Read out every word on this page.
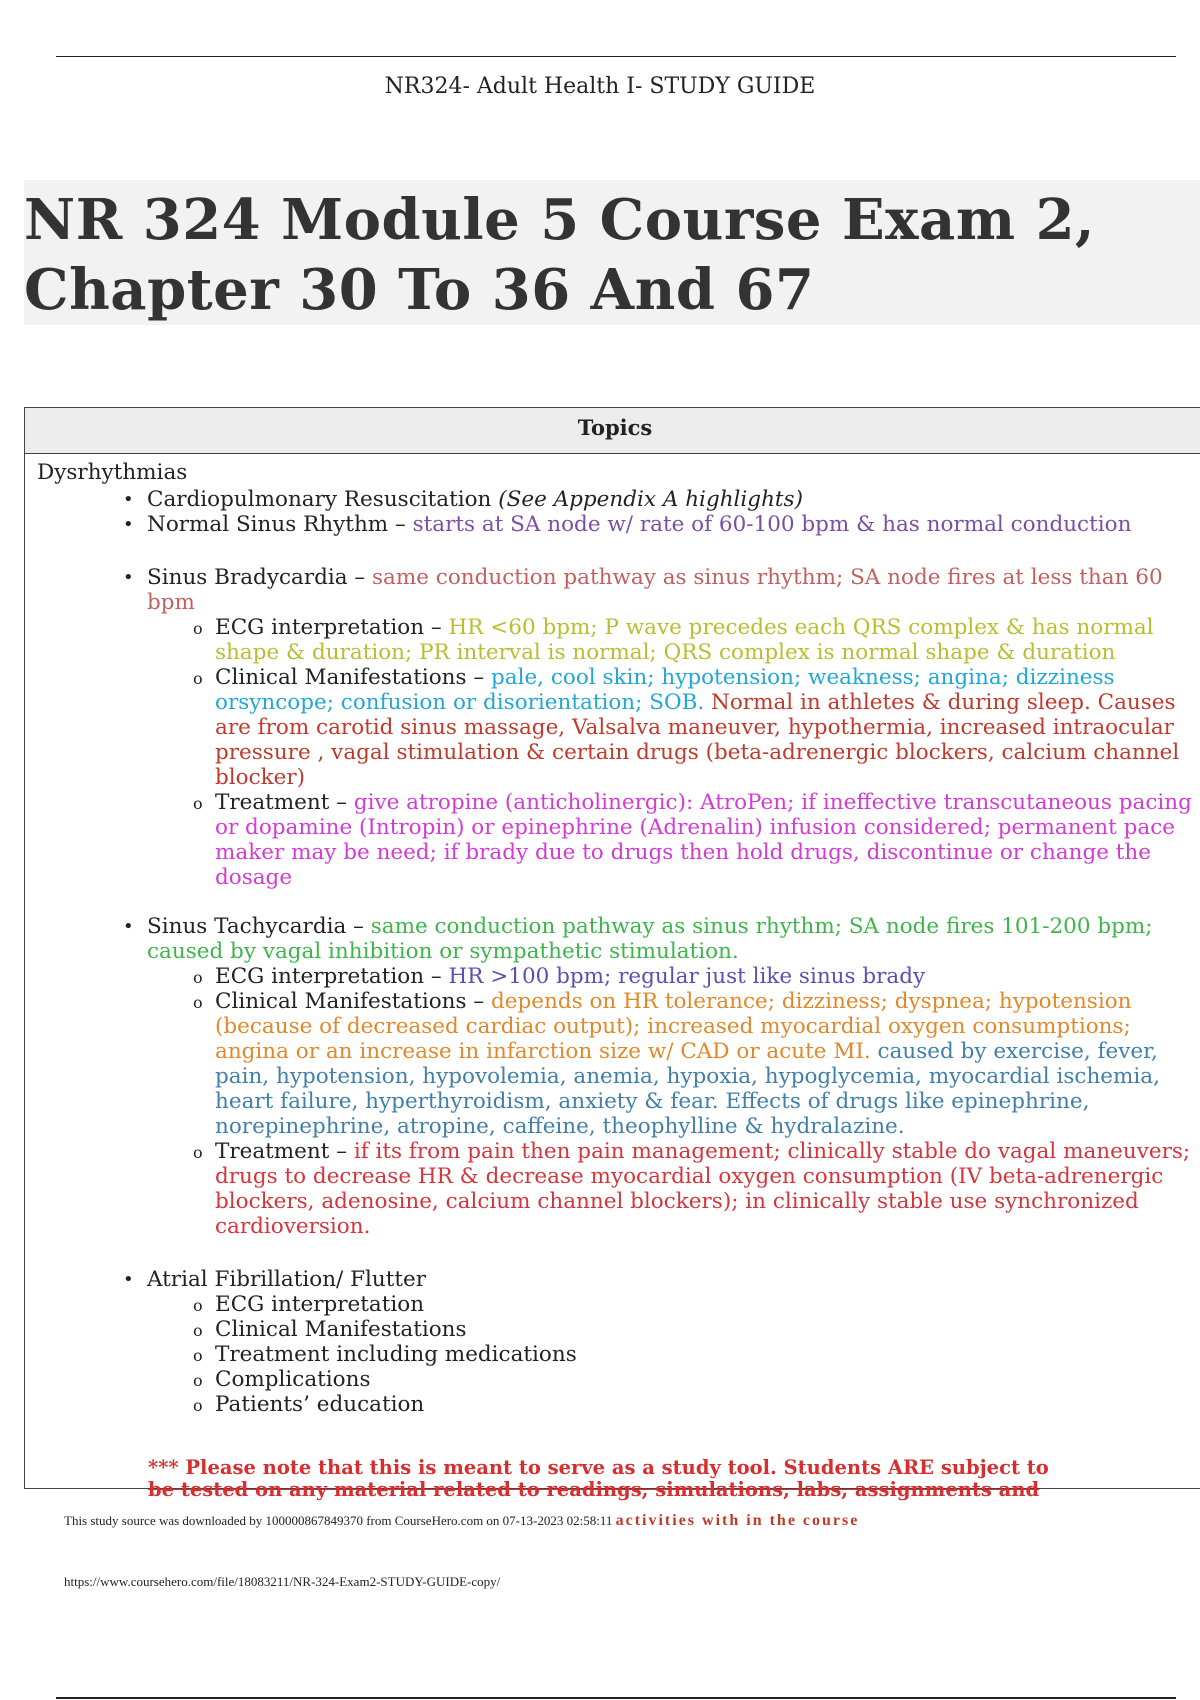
NR324- Adult Health I- STUDY GUIDE
NR 324 Module 5 Course Exam 2, Chapter 30 To 36 And 67
Topics
Dysrhythmias
• Cardiopulmonary Resuscitation (See Appendix A highlights)
• Normal Sinus Rhythm – starts at SA node w/ rate of 60-100 bpm & has normal conduction
• Sinus Bradycardia – same conduction pathway as sinus rhythm; SA node fires at less than 60 bpm
o ECG interpretation – HR <60 bpm; P wave precedes each QRS complex & has normal shape & duration; PR interval is normal; QRS complex is normal shape & duration
o Clinical Manifestations – pale, cool skin; hypotension; weakness; angina; dizziness orsyncope; confusion or disorientation; SOB. Normal in athletes & during sleep. Causes are from carotid sinus massage, Valsalva maneuver, hypothermia, increased intraocular pressure , vagal stimulation & certain drugs (beta-adrenergic blockers, calcium channel blocker)
o Treatment – give atropine (anticholinergic): AtroPen; if ineffective transcutaneous pacing or dopamine (Intropin) or epinephrine (Adrenalin) infusion considered; permanent pace maker may be need; if brady due to drugs then hold drugs, discontinue or change the dosage
• Sinus Tachycardia – same conduction pathway as sinus rhythm; SA node fires 101-200 bpm; caused by vagal inhibition or sympathetic stimulation.
o ECG interpretation – HR >100 bpm; regular just like sinus brady
o Clinical Manifestations – depends on HR tolerance; dizziness; dyspnea; hypotension (because of decreased cardiac output); increased myocardial oxygen consumptions; angina or an increase in infarction size w/ CAD or acute MI. caused by exercise, fever, pain, hypotension, hypovolemia, anemia, hypoxia, hypoglycemia, myocardial ischemia, heart failure, hyperthyroidism, anxiety & fear. Effects of drugs like epinephrine, norepinephrine, atropine, caffeine, theophylline & hydralazine.
o Treatment – if its from pain then pain management; clinically stable do vagal maneuvers; drugs to decrease HR & decrease myocardial oxygen consumption (IV beta-adrenergic blockers, adenosine, calcium channel blockers); in clinically stable use synchronized cardioversion.
• Atrial Fibrillation/ Flutter
o ECG interpretation
o Clinical Manifestations
o Treatment including medications
o Complications
o Patients’ education
*** Please note that this is meant to serve as a study tool. Students ARE subject to
be tested on any material related to readings, simulations, labs, assignments and
This study source was downloaded by 100000867849370 from CourseHero.com on 07-13-2023 02:58:11 activities with in the course
https://www.coursehero.com/file/18083211/NR-324-Exam2-STUDY-GUIDE-copy/
